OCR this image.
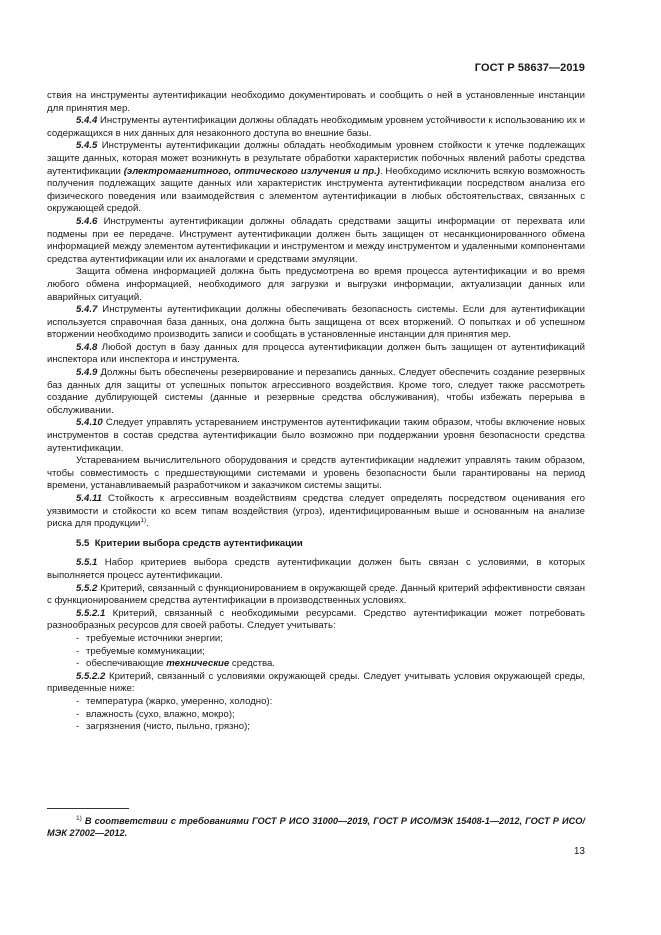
ГОСТ Р 58637—2019

ствия на инструменты аутентификации необходимо документировать и сообщить о ней в установленные инстанции для принятия мер.

5.4.4 Инструменты аутентификации должны обладать необходимым уровнем устойчивости к использованию их и содержащихся в них данных для незаконного доступа во внешние базы.

5.4.5 Инструменты аутентификации должны обладать необходимым уровнем стойкости к утечке подлежащих защите данных, которая может возникнуть в результате обработки характеристик побочных явлений работы средства аутентификации (электромагнитного, оптического излучения и пр.). Необходимо исключить всякую возможность получения подлежащих защите данных или характеристик инструмента аутентификации посредством анализа его физического поведения или взаимодействия с элементом аутентификации в любых обстоятельствах, связанных с окружающей средой.

5.4.6 Инструменты аутентификации должны обладать средствами защиты информации от перехвата или подмены при ее передаче. Инструмент аутентификации должен быть защищен от несанкционированного обмена информацией между элементом аутентификации и инструментом и между инструментом и удаленными компонентами средства аутентификации или их аналогами и средствами эмуляции.

Защита обмена информацией должна быть предусмотрена во время процесса аутентификации и во время любого обмена информацией, необходимого для загрузки и выгрузки информации, актуализации данных или аварийных ситуаций.

5.4.7 Инструменты аутентификации должны обеспечивать безопасность системы. Если для аутентификации используется справочная база данных, она должна быть защищена от всех вторжений. О попытках и об успешном вторжении необходимо производить записи и сообщать в установленные инстанции для принятия мер.

5.4.8 Любой доступ в базу данных для процесса аутентификации должен быть защищен от аутентификаций инспектора или инспектора и инструмента.

5.4.9 Должны быть обеспечены резервирование и перезапись данных. Следует обеспечить создание резервных баз данных для защиты от успешных попыток агрессивного воздействия. Кроме того, следует также рассмотреть создание дублирующей системы (данные и резервные средства обслуживания), чтобы избежать перерыва в обслуживании.

5.4.10 Следует управлять устареванием инструментов аутентификации таким образом, чтобы включение новых инструментов в состав средства аутентификации было возможно при поддержании уровня безопасности средства аутентификации.

Устареванием вычислительного оборудования и средств аутентификации надлежит управлять таким образом, чтобы совместимость с предшествующими системами и уровень безопасности были гарантированы на период времени, устанавливаемый разработчиком и заказчиком системы защиты.

5.4.11 Стойкость к агрессивным воздействиям средства следует определять посредством оценивания его уязвимости и стойкости ко всем типам воздействия (угроз), идентифицированным выше и основанным на анализе риска для продукции$^{1)}$.

5.5 Критерии выбора средств аутентификации

5.5.1 Набор критериев выбора средств аутентификации должен быть связан с условиями, в которых выполняется процесс аутентификации.

5.5.2 Критерий, связанный с функционированием в окружающей среде. Данный критерий эффективности связан с функционированием средства аутентификации в производственных условиях.

5.5.2.1 Критерий, связанный с необходимыми ресурсами. Средство аутентификации может потребовать разнообразных ресурсов для своей работы. Следует учитывать:

- требуемые источники энергии;
- требуемые коммуникации;
- обеспечивающие технические средства.

5.5.2.2 Критерий, связанный с условиями окружающей среды. Следует учитывать условия окружающей среды, приведенные ниже:

- температура (жарко, умеренно, холодно):
- влажность (сухо, влажно, мокро);
- загрязнения (чисто, пыльно, грязно);

$^{1)}$ В соответствии с требованиями ГОСТ Р ИСО 31000—2019, ГОСТ Р ИСО/МЭК 15408-1—2012, ГОСТ Р ИСО/МЭК 27002—2012.

13
